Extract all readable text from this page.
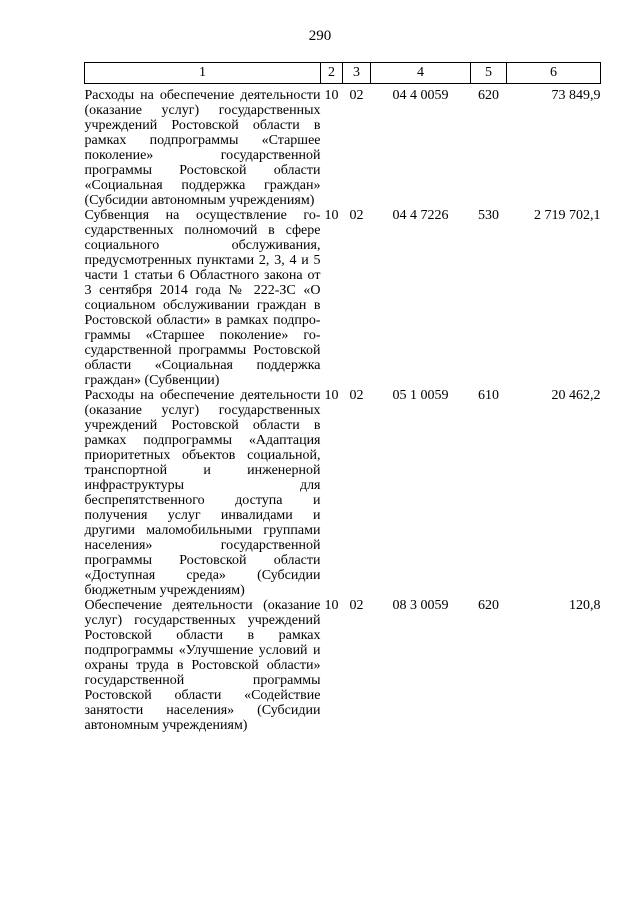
290
1	2	3	4	5	6
Расходы на обеспечение деятельности (оказание услуг) государственных учреждений Ростовской области в рамках подпрограммы «Старшее поколение» государственной программы Ростовской области «Социальная поддержка граждан» (Субсидии автономным учреждениям)	10	02	04 4 0059	620	73 849,9
Субвенция на осуществление государственных полномочий в сфере социального обслуживания, предусмотренных пунктами 2, 3, 4 и 5 части 1 статьи 6 Областного закона от 3 сентября 2014 года № 222-ЗС «О социальном обслуживании граждан в Ростовской области» в рамках подпрограммы «Старшее поколение» государственной программы Ростовской области «Социальная поддержка граждан» (Субвенции)	10	02	04 4 7226	530	2 719 702,1
Расходы на обеспечение деятельности (оказание услуг) государственных учреждений Ростовской области в рамках подпрограммы «Адаптация приоритетных объектов социальной, транспортной и инженерной инфраструктуры для беспрепятственного доступа и получения услуг инвалидами и другими маломобильными группами населения» государственной программы Ростовской области «Доступная среда» (Субсидии бюджетным учреждениям)	10	02	05 1 0059	610	20 462,2
Обеспечение деятельности (оказание услуг) государственных учреждений Ростовской области в рамках подпрограммы «Улучшение условий и охраны труда в Ростовской области» государственной программы Ростовской области «Содействие занятости населения» (Субсидии автономным учреждениям)	10	02	08 3 0059	620	120,8
